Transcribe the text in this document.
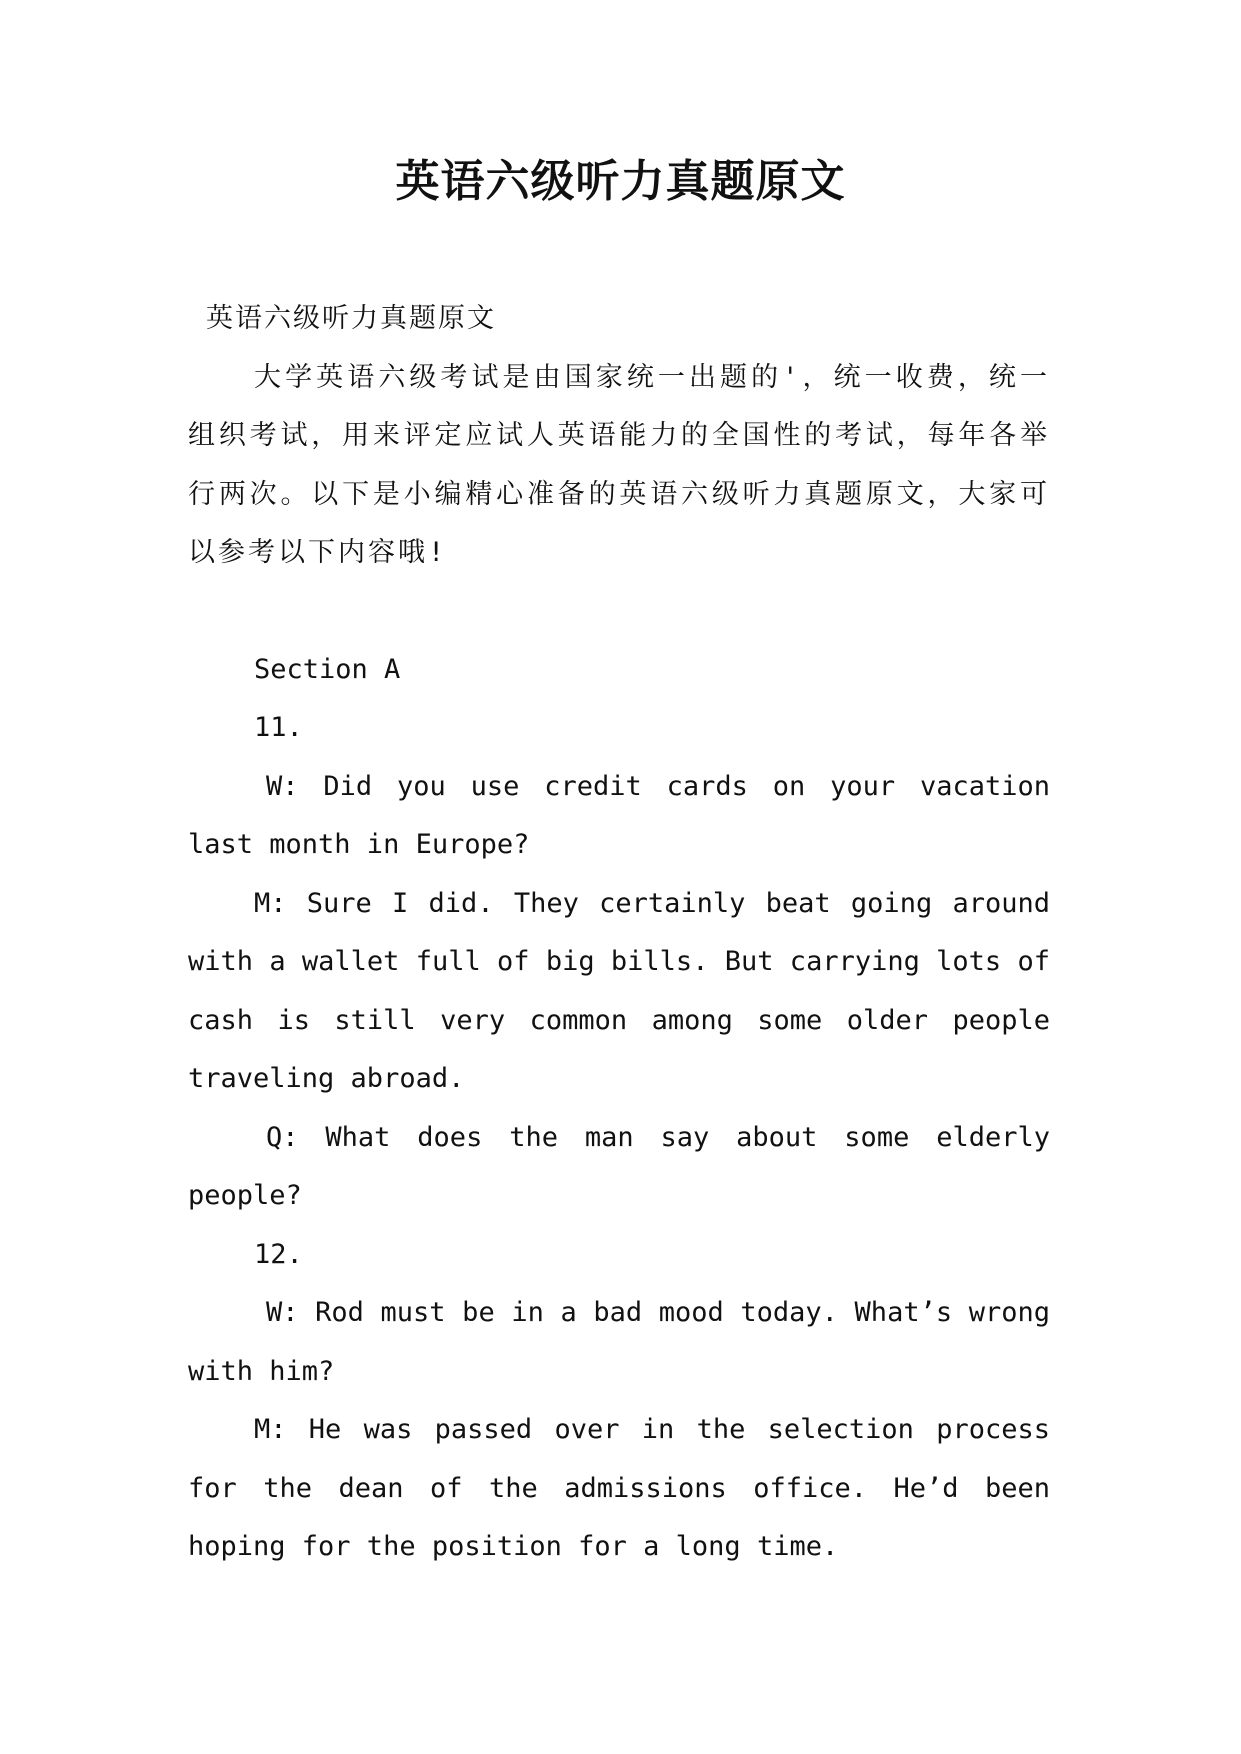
英语六级听力真题原文

英语六级听力真题原文

大学英语六级考试是由国家统一出题的'，统一收费，统一组织考试，用来评定应试人英语能力的全国性的考试，每年各举行两次。以下是小编精心准备的英语六级听力真题原文，大家可以参考以下内容哦!

Section A

11.

W: Did you use credit cards on your vacation last month in Europe?

M: Sure I did. They certainly beat going around with a wallet full of big bills. But carrying lots of cash is still very common among some older people traveling abroad.

Q: What does the man say about some elderly people?

12.

W: Rod must be in a bad mood today. What’s wrong with him?

M: He was passed over in the selection process for the dean of the admissions office. He’d been hoping for the position for a long time.
